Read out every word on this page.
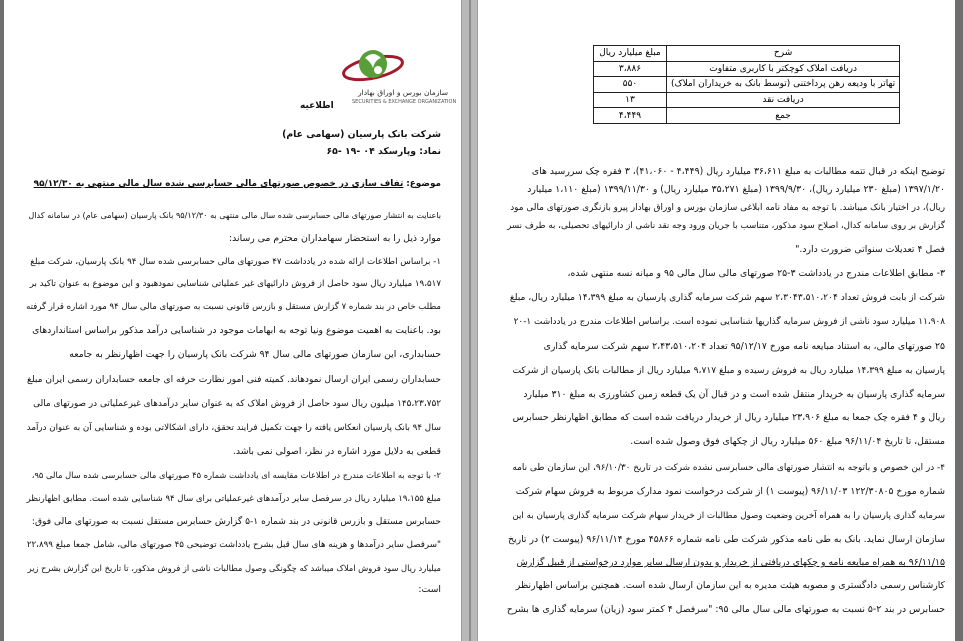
سازمان بورس و اوراق بهادار
SECURITIES & EXCHANGE ORGANIZATION
اطلاعیه
شرکت بانک پارسیان (سهامی عام)
نماد: وپارسکد ۰۴ -۱۹ -۶۵
موضوع: تفاف سازی در خصوص صورتهای مالی حسابرسی شده سال مالی منتهی به ۹۵/۱۲/۳۰
باعنایت به انتشار صورتهای مالی حسابرسی شده سال مالی منتهی به ۹۵/۱۲/۳۰ بانک پارسیان (سهامی عام) در سامانه کدال
موارد ذیل را به استحضار سهامداران محترم می رساند:
۱- براساس اطلاعات ارائه شده در یادداشت ۴۷ صورتهای مالی حسابرسی شده سال ۹۴ بانک پارسیان، شرکت مبلغ
۱۹،۵۱۷ میلیارد ریال سود حاصل از فروش دارائیهای غیر عملیاتی شناسایی نمودهبود و این موضوع به عنوان تاکید بر
مطلب خاص در بند شماره ۷ گزارش مستقل و بازرس قانونی نسبت به صورتهای مالی سال ۹۴ مورد اشاره قرار گرفته
بود. باعنایت به اهمیت موضوع ونیا توجه به ابهامات موجود در شناسایی درآمد مذکور براساس استانداردهای
حسابداری، این سازمان صورتهای مالی سال ۹۴ شرکت بانک پارسیان را جهت اظهارنظر به جامعه
حسابداران رسمی ایران ارسال نمودهاند. کمیته فنی امور نظارت حرفه ای جامعه حسابداران رسمی ایران مبلغ
۱۴۵،۲۳،۷۵۲ میلیون ریال سود حاصل از فروش املاک که به عنوان سایر درآمدهای غیرعملیاتی در صورتهای مالی
سال ۹۴ بانک پارسیان انعکاس یافته را جهت تکمیل فرایند تحقق، دارای اشکالاتی بوده و شناسایی آن به عنوان درآمد
قطعی به دلایل مورد اشاره در نظر، اصولی نمی باشد.
۲- با توجه به اطلاعات مندرج در اطلاعات مقایسه ای یادداشت شماره ۴۵ صورتهای مالی حسابرسی شده سال مالی ۹۵،
مبلغ ۱۹،۱۵۵ میلیارد ریال در سرفصل سایر درآمدهای غیرعملیاتی برای سال ۹۴ شناسایی شده است. مطابق اظهارنظر
حسابرس مستقل و بازرس قانونی در بند شماره ۱-۵ گزارش حسابرس مستقل نسبت به صورتهای مالی فوق:
"سرفصل سایر درآمدها و هزینه های سال قبل بشرح یادداشت توضیحی ۴۵ صورتهای مالی، شامل جمعا مبلغ ۲۲،۸۹۹
میلیارد ریال سود فروش املاک میباشد که چگونگی وصول مطالبات ناشی از فروش مذکور، تا تاریخ این گزارش بشرح زیر
است:
شرح	مبلغ میلیارد ریال
دریافت املاک کوچکتر با کاربری متفاوت	۳،۸۸۶
تهاتر با ودیعه رهن پرداختنی (توسط بانک به خریداران املاک)	۵۵۰
دریافت نقد	۱۳
جمع	۴،۴۴۹
توضیح اینکه در قبال تتمه مطالبات به مبلغ ۳۶،۶۱۱ میلیارد ریال (۴،۴۴۹ - ۴۱،۰۶۰)، ۳ فقره چک سررسید های
۱۳۹۷/۱/۲۰ (مبلغ ۲۳۰ میلیارد ریال)، ۱۳۹۹/۹/۳۰ (مبلغ ۳۵،۲۷۱ میلیارد ریال) و ۱۳۹۹/۱۱/۳۰ (مبلغ ۱،۱۱۰ میلیارد
ریال)، در اختیار بانک میباشد. با توجه به مفاد نامه ابلاغی سازمان بورس و اوراق بهادار پیرو بازنگری صورتهای مالی مود
گزارش بر روی سامانه کدال، اصلاح سود مذکور، متناسب با جریان ورود وجه نقد ناشی از دارائیهای تحصیلی، به طرف نسر
فصل ۴ تعدیلات سنواتی ضرورت دارد."
۳- مطابق اطلاعات مندرج در یادداشت ۳-۲۵ صورتهای مالی سال مالی ۹۵ و میانه نسه منتهی شده،
شرکت از بابت فروش تعداد ۲،۳۰۴۳،۵۱۰،۲۰۴ سهم شرکت سرمایه گذاری پارسیان به مبلغ ۱۴،۳۹۹ میلیارد ریال، مبلغ
۱۱،۹۰۸ میلیارد سود ناشی از فروش سرمایه گذاریها شناسایی نموده است. براساس اطلاعات مندرج در یادداشت ۱-۲۰
۲۵ صورتهای مالی، به استناد مبایعه نامه مورخ ۹۵/۱۲/۱۷ تعداد ۲،۴۳،۵۱۰،۲۰۴ سهم شرکت سرمایه گذاری
پارسیان به مبلغ ۱۴،۳۹۹ میلیارد ریال به فروش رسیده و مبلغ ۹،۷۱۷ میلیارد ریال از مطالبات بانک پارسیان از شرکت
سرمایه گذاری پارسیان به خریدار منتقل شده است و در قبال آن یک قطعه زمین کشاورزی به مبلغ ۳۱۰ میلیارد
ریال و ۴ فقره چک جمعا به مبلغ ۲۳،۹۰۶ میلیارد ریال از خریدار دریافت شده است که مطابق اظهارنظر حسابرس
مستقل، تا تاریخ ۹۶/۱۱/۰۴ مبلغ ۵۶۰ میلیارد ریال از چکهای فوق وصول شده است.
۴- در این خصوص و باتوجه به انتشار صورتهای مالی حسابرسی نشده شرکت در تاریخ ۹۶/۱۰/۳۰، این سازمان طی نامه
شماره مورخ ۱۲۲/۳۰۸۰۵ ۹۶/۱۱/۰۳ (پیوست ۱) از شرکت درخواست نمود مدارک مربوط به فروش سهام شرکت
سرمایه گذاری پارسیان را به همراه آخرین وضعیت وصول مطالبات از خریدار سهام شرکت سرمایه گذاری پارسیان به این
سازمان ارسال نماید. بانک به طی نامه مذکور شرکت طی نامه شماره ۴۵۸۶۶ مورخ ۹۶/۱۱/۱۴ (پیوست ۲) در تاریخ
۹۶/۱۱/۱۵ به همراه مبایعه نامه و چکهای دریافتی از خریدار و بدون ارسال سایر موارد درخواستی از قبیل گزارش
کارشناس رسمی دادگستری و مصوبه هیئت مدیره به این سازمان ارسال شده است. همچنین براساس اظهارنظر
حسابرس در بند ۲-۵ نسبت به صورتهای مالی سال مالی ۹۵: "سرفصل ۴ کمتر سود (زیان) سرمایه گذاری ها بشرح
